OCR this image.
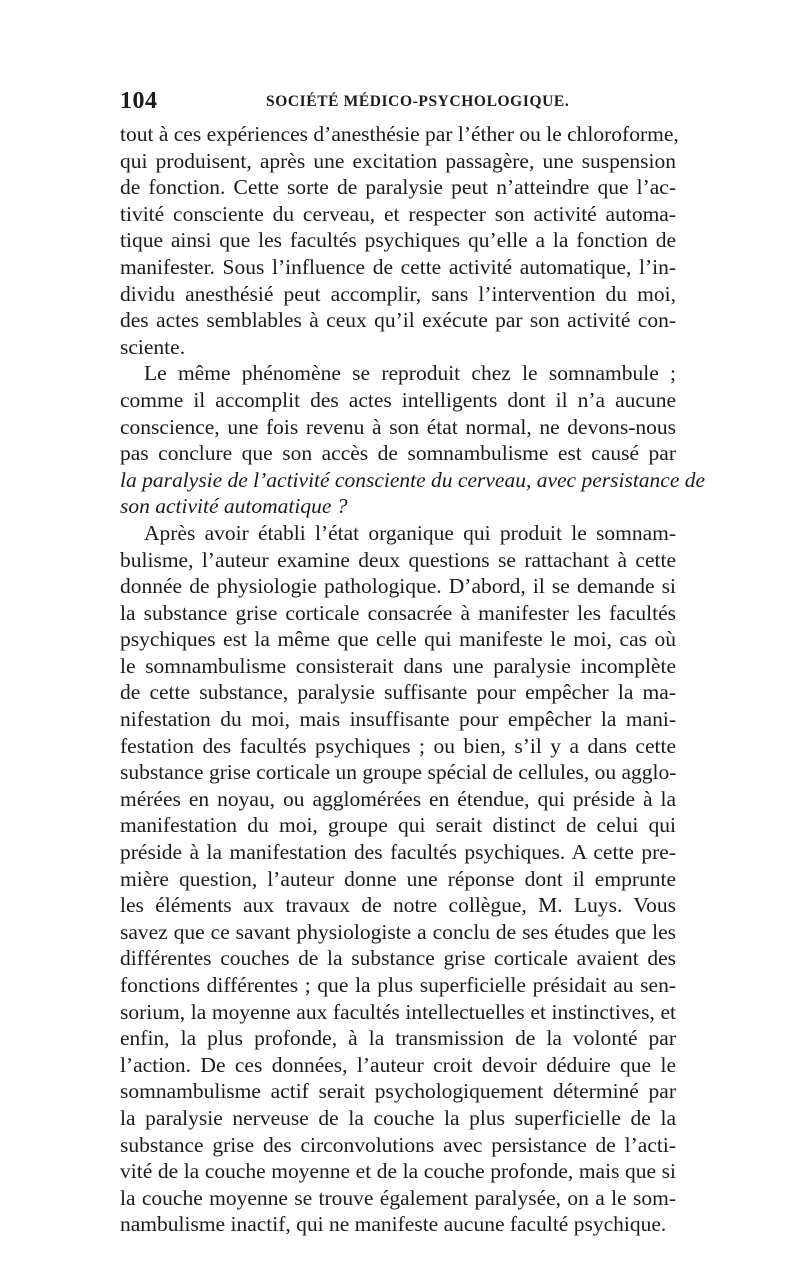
104	SOCIÉTÉ MÉDICO-PSYCHOLOGIQUE.
tout à ces expériences d’anesthésie par l’éther ou le chloroforme,
qui produisent, après une excitation passagère, une suspension
de fonction. Cette sorte de paralysie peut n’atteindre que l’ac-
tivité consciente du cerveau, et respecter son activité automa-
tique ainsi que les facultés psychiques qu’elle a la fonction de
manifester. Sous l’influence de cette activité automatique, l’in-
dividu anesthésié peut accomplir, sans l’intervention du moi,
des actes semblables à ceux qu’il exécute par son activité con-
sciente.
Le même phénomène se reproduit chez le somnambule ;
comme il accomplit des actes intelligents dont il n’a aucune
conscience, une fois revenu à son état normal, ne devons-nous
pas conclure que son accès de somnambulisme est causé par
la paralysie de l’activité consciente du cerveau, avec persistance de
son activité automatique ?
Après avoir établi l’état organique qui produit le somnam-
bulisme, l’auteur examine deux questions se rattachant à cette
donnée de physiologie pathologique. D’abord, il se demande si
la substance grise corticale consacrée à manifester les facultés
psychiques est la même que celle qui manifeste le moi, cas où
le somnambulisme consisterait dans une paralysie incomplète
de cette substance, paralysie suffisante pour empêcher la ma-
nifestation du moi, mais insuffisante pour empêcher la mani-
festation des facultés psychiques ; ou bien, s’il y a dans cette
substance grise corticale un groupe spécial de cellules, ou agglo-
mérées en noyau, ou agglomérées en étendue, qui préside à la
manifestation du moi, groupe qui serait distinct de celui qui
préside à la manifestation des facultés psychiques. A cette pre-
mière question, l’auteur donne une réponse dont il emprunte
les éléments aux travaux de notre collègue, M. Luys. Vous
savez que ce savant physiologiste a conclu de ses études que les
différentes couches de la substance grise corticale avaient des
fonctions différentes ; que la plus superficielle présidait au sen-
sorium, la moyenne aux facultés intellectuelles et instinctives, et
enfin, la plus profonde, à la transmission de la volonté par
l’action. De ces données, l’auteur croit devoir déduire que le
somnambulisme actif serait psychologiquement déterminé par
la paralysie nerveuse de la couche la plus superficielle de la
substance grise des circonvolutions avec persistance de l’acti-
vité de la couche moyenne et de la couche profonde, mais que si
la couche moyenne se trouve également paralysée, on a le som-
nambulisme inactif, qui ne manifeste aucune faculté psychique.
